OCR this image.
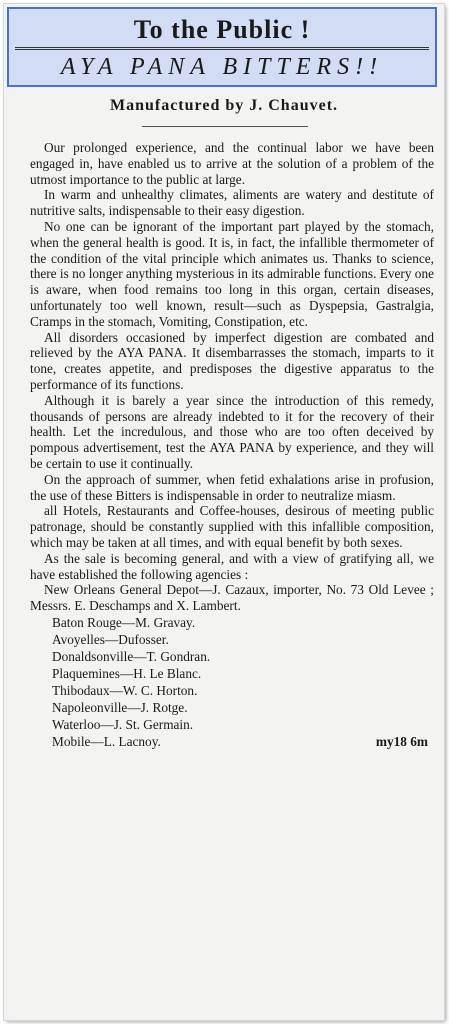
To the Public !
AYA PANA BITTERS!!
Manufactured by J. Chauvet.

Our prolonged experience, and the continual labor we have been engaged in, have enabled us to arrive at the solution of a problem of the utmost importance to the public at large.

In warm and unhealthy climates, aliments are watery and destitute of nutritive salts, indispensable to their easy digestion.

No one can be ignorant of the important part played by the stomach, when the general health is good. It is, in fact, the infallible thermometer of the condition of the vital principle which animates us. Thanks to science, there is no longer anything mysterious in its admirable functions. Every one is aware, when food remains too long in this organ, certain diseases, unfortunately too well known, result—such as Dyspepsia, Gastralgia, Cramps in the stomach, Vomiting, Constipation, etc.

All disorders occasioned by imperfect digestion are combated and relieved by the AYA PANA. It disembarrasses the stomach, imparts to it tone, creates appetite, and predisposes the digestive apparatus to the performance of its functions.

Although it is barely a year since the introduction of this remedy, thousands of persons are already indebted to it for the recovery of their health. Let the incredulous, and those who are too often deceived by pompous advertisement, test the AYA PANA by experience, and they will be certain to use it continually.

On the approach of summer, when fetid exhalations arise in profusion, the use of these Bitters is indispensable in order to neutralize miasm.

all Hotels, Restaurants and Coffee-houses, desirous of meeting public patronage, should be constantly supplied with this infallible composition, which may be taken at all times, and with equal benefit by both sexes.

As the sale is becoming general, and with a view of gratifying all, we have established the following agencies :

New Orleans General Depot—J. Cazaux, importer, No. 73 Old Levee ; Messrs. E. Deschamps and X. Lambert.

Baton Rouge—M. Gravay.
Avoyelles—Dufosser.
Donaldsonville—T. Gondran.
Plaquemines—H. Le Blanc.
Thibodaux—W. C. Horton.
Napoleonville—J. Rotge.
Waterloo—J. St. Germain.
Mobile—L. Lacnoy.	my18 6m
